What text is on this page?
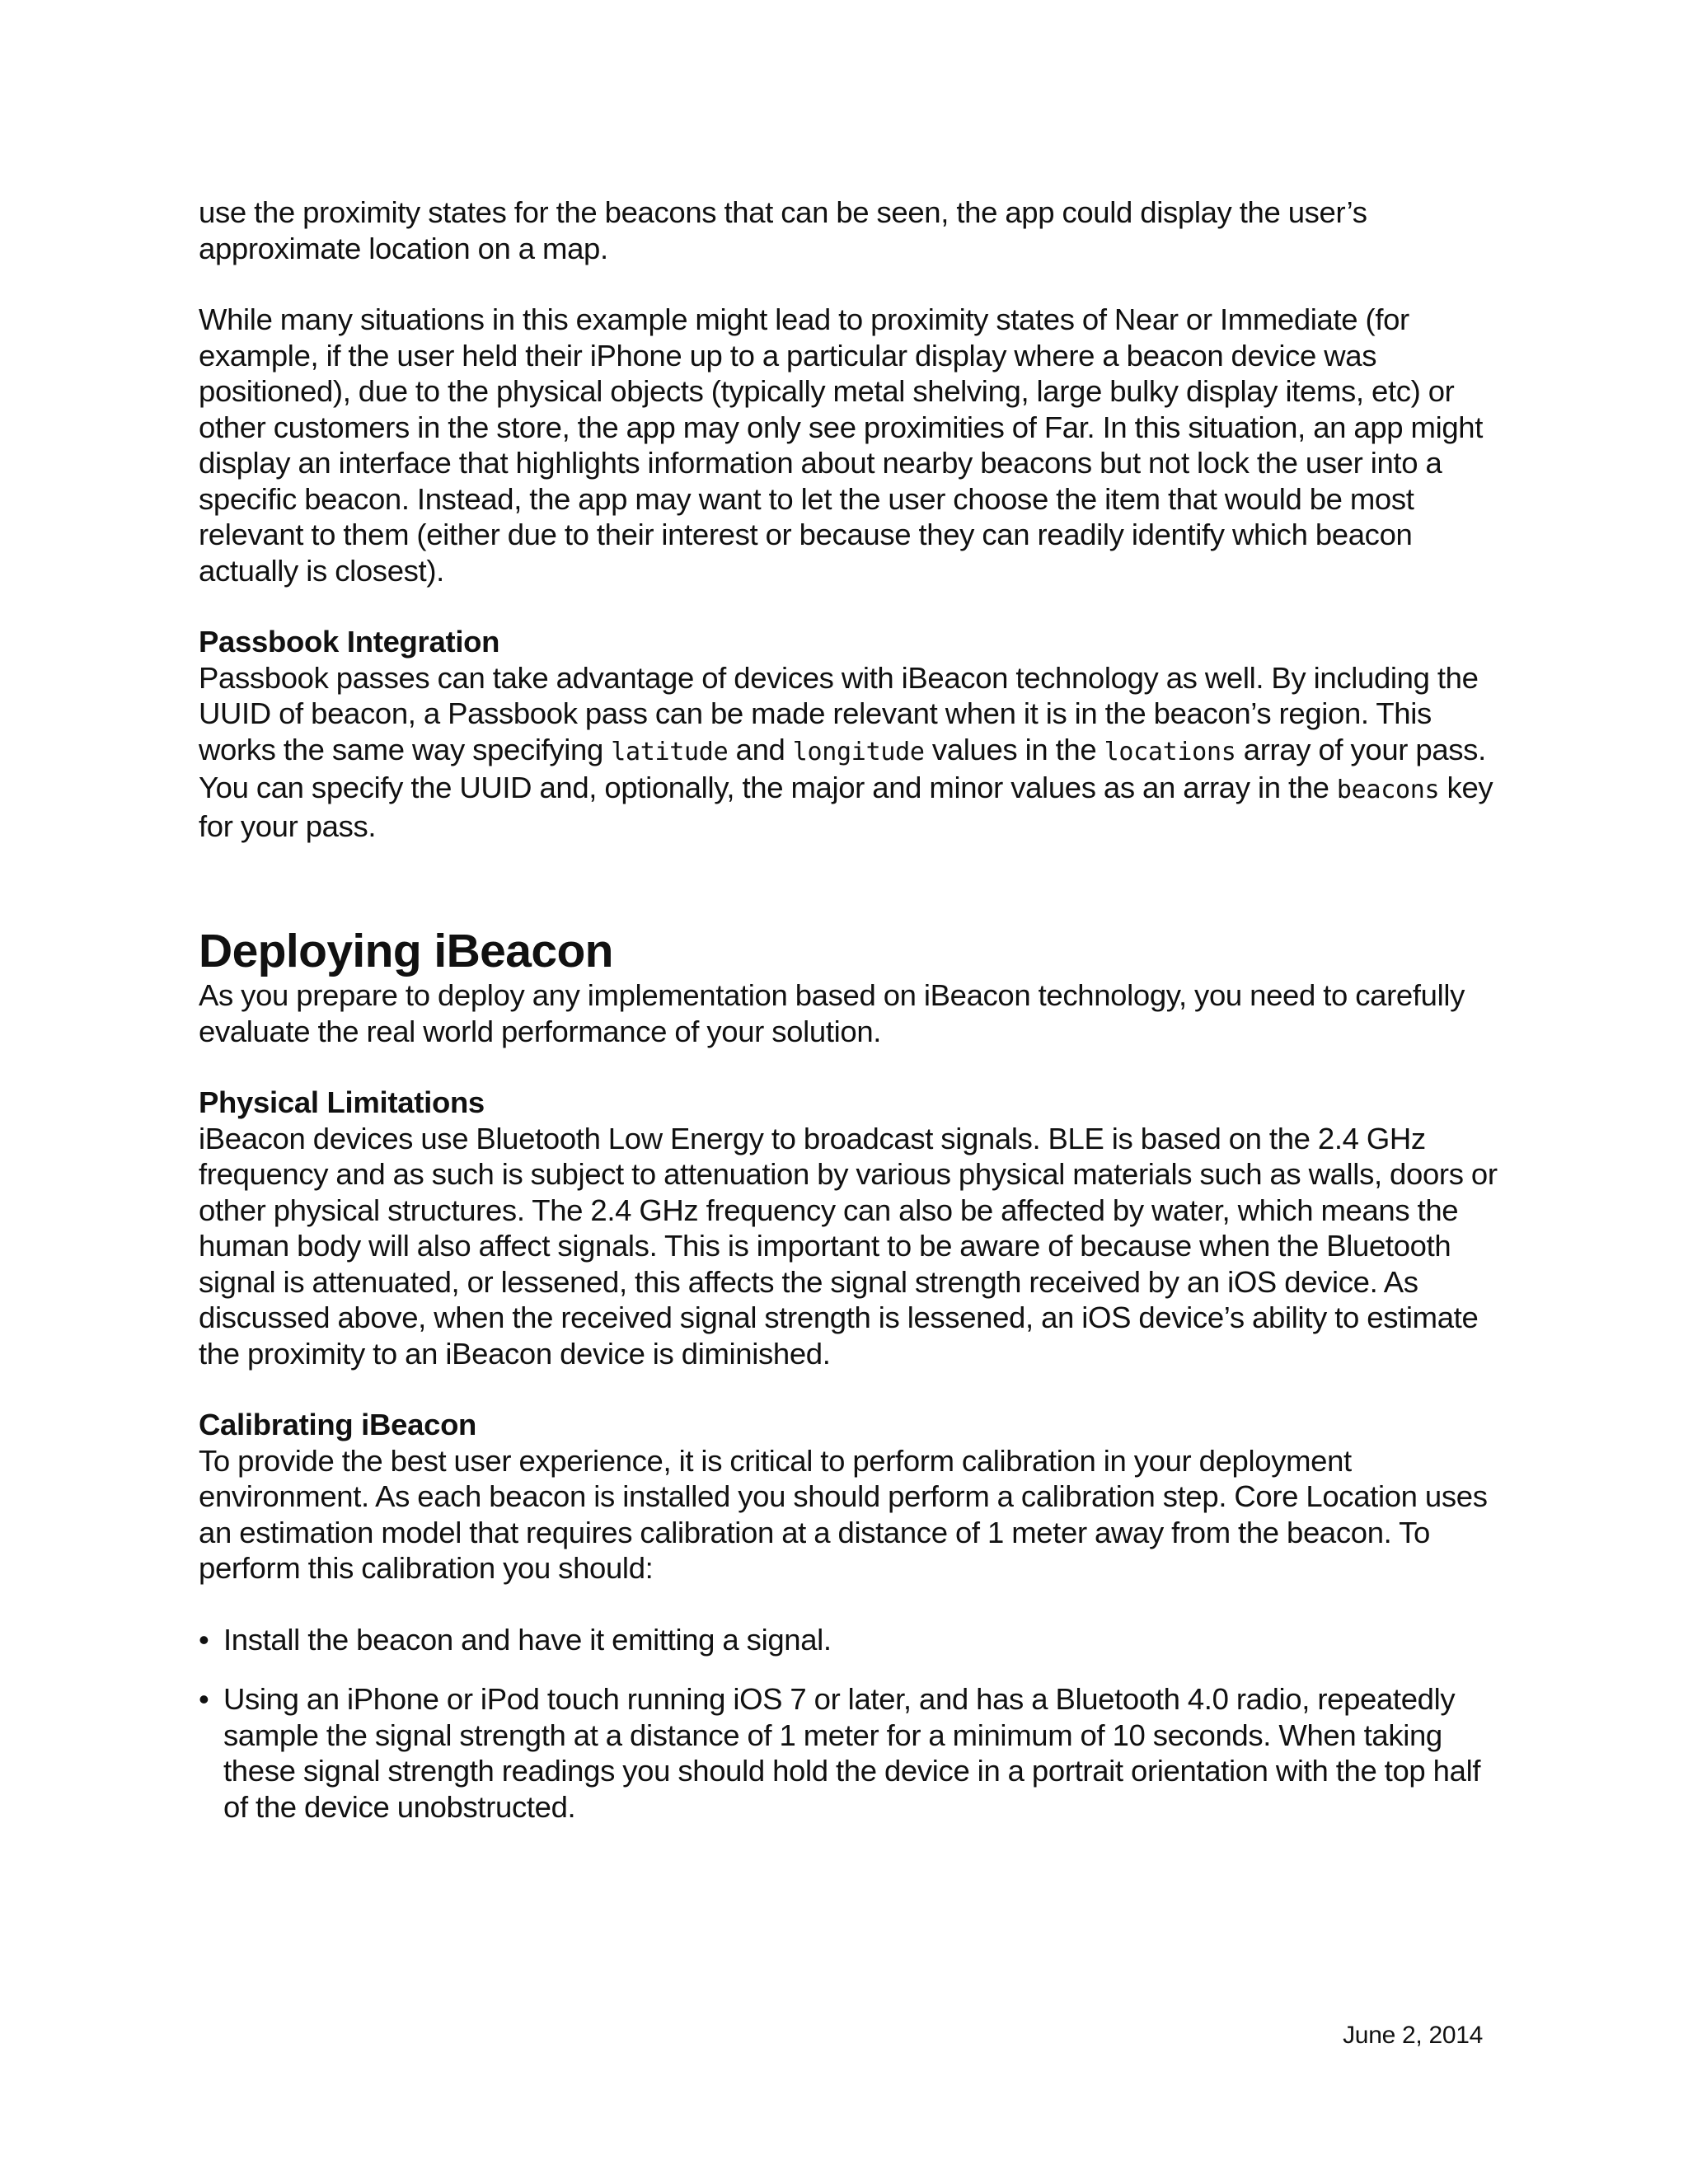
use the proximity states for the beacons that can be seen, the app could display the user’s approximate location on a map.

While many situations in this example might lead to proximity states of Near or Immediate (for example, if the user held their iPhone up to a particular display where a beacon device was positioned), due to the physical objects (typically metal shelving, large bulky display items, etc) or other customers in the store, the app may only see proximities of Far. In this situation, an app might display an interface that highlights information about nearby beacons but not lock the user into a specific beacon. Instead, the app may want to let the user choose the item that would be most relevant to them (either due to their interest or because they can readily identify which beacon actually is closest).

Passbook Integration

Passbook passes can take advantage of devices with iBeacon technology as well. By including the UUID of beacon, a Passbook pass can be made relevant when it is in the beacon’s region. This works the same way specifying latitude and longitude values in the locations array of your pass. You can specify the UUID and, optionally, the major and minor values as an array in the beacons key for your pass.

Deploying iBeacon

As you prepare to deploy any implementation based on iBeacon technology, you need to carefully evaluate the real world performance of your solution.

Physical Limitations

iBeacon devices use Bluetooth Low Energy to broadcast signals. BLE is based on the 2.4 GHz frequency and as such is subject to attenuation by various physical materials such as walls, doors or other physical structures. The 2.4 GHz frequency can also be affected by water, which means the human body will also affect signals. This is important to be aware of because when the Bluetooth signal is attenuated, or lessened, this affects the signal strength received by an iOS device. As discussed above, when the received signal strength is lessened, an iOS device’s ability to estimate the proximity to an iBeacon device is diminished.

Calibrating iBeacon

To provide the best user experience, it is critical to perform calibration in your deployment environment. As each beacon is installed you should perform a calibration step. Core Location uses an estimation model that requires calibration at a distance of 1 meter away from the beacon. To perform this calibration you should:

• Install the beacon and have it emitting a signal.
• Using an iPhone or iPod touch running iOS 7 or later, and has a Bluetooth 4.0 radio, repeatedly sample the signal strength at a distance of 1 meter for a minimum of 10 seconds. When taking these signal strength readings you should hold the device in a portrait orientation with the top half of the device unobstructed.
June 2, 2014
